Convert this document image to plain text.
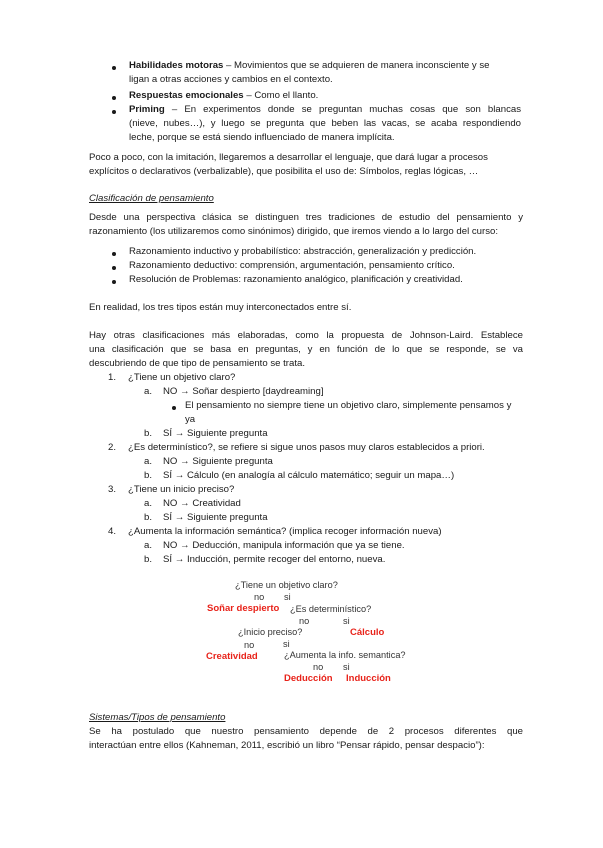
Habilidades motoras – Movimientos que se adquieren de manera inconsciente y se
ligan a otras acciones y cambios en el contexto.
Respuestas emocionales – Como el llanto.
Priming – En experimentos donde se preguntan muchas cosas que son blancas
(nieve, nubes…), y luego se pregunta que beben las vacas, se acaba respondiendo
leche, porque se está siendo influenciado de manera implícita.
Poco a poco, con la imitación, llegaremos a desarrollar el lenguaje, que dará lugar a procesos
explícitos o declarativos (verbalizable), que posibilita el uso de: Símbolos, reglas lógicas, …
Clasificación de pensamiento
Desde una perspectiva clásica se distinguen tres tradiciones de estudio del pensamiento y
razonamiento (los utilizaremos como sinónimos) dirigido, que iremos viendo a lo largo del curso:
Razonamiento inductivo y probabilístico: abstracción, generalización y predicción.
Razonamiento deductivo: comprensión, argumentación, pensamiento crítico.
Resolución de Problemas: razonamiento analógico, planificación y creatividad.
En realidad, los tres tipos están muy interconectados entre sí.
Hay otras clasificaciones más elaboradas, como la propuesta de Johnson-Laird. Establece
una clasificación que se basa en preguntas, y en función de lo que se responde, se va
descubriendo de que tipo de pensamiento se trata.
1. ¿Tiene un objetivo claro?
a. NO → Soñar despierto [daydreaming]
El pensamiento no siempre tiene un objetivo claro, simplemente pensamos y
ya
b. SÍ → Siguiente pregunta
2. ¿Es determinístico?, se refiere si sigue unos pasos muy claros establecidos a priori.
a. NO → Siguiente pregunta
b. SÍ → Cálculo (en analogía al cálculo matemático; seguir un mapa…)
3. ¿Tiene un inicio preciso?
a. NO → Creatividad
b. SÍ → Siguiente pregunta
4. ¿Aumenta la información semántica? (implica recoger información nueva)
a. NO → Deducción, manipula información que ya se tiene.
b. SÍ → Inducción, permite recoger del entorno, nueva.
¿Tiene un objetivo claro?
no si
Soñar despierto ¿Es determinístico?
no	si
¿Inicio preciso?	Cálculo
no	si
Creatividad	¿Aumenta la info. semantica?
no si
Deducción Inducción
Sistemas/Tipos de pensamiento
Se ha postulado que nuestro pensamiento depende de 2 procesos diferentes que
interactúan entre ellos (Kahneman, 2011, escribió un libro “Pensar rápido, pensar despacio”):
